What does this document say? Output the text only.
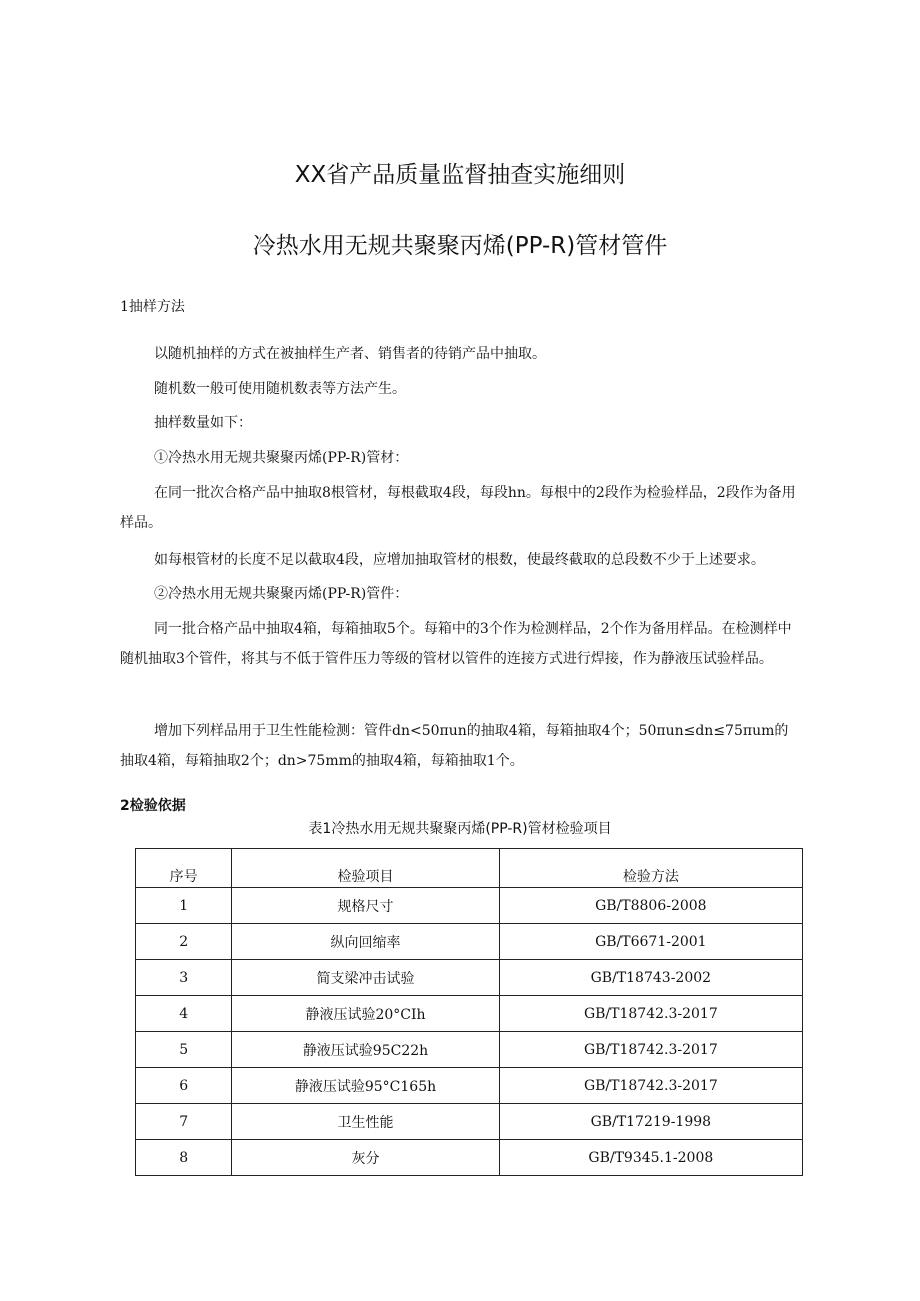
XX省产品质量监督抽查实施细则
冷热水用无规共聚聚丙烯(PP-R)管材管件

1抽样方法

以随机抽样的方式在被抽样生产者、销售者的待销产品中抽取。

随机数一般可使用随机数表等方法产生。

抽样数量如下：

①冷热水用无规共聚聚丙烯(PP-R)管材：

在同一批次合格产品中抽取8根管材，每根截取4段，每段hn。每根中的2段作为检验样品，2段作为备用样品。

如每根管材的长度不足以截取4段，应增加抽取管材的根数，使最终截取的总段数不少于上述要求。

②冷热水用无规共聚聚丙烯(PP-R)管件：

同一批合格产品中抽取4箱，每箱抽取5个。每箱中的3个作为检测样品，2个作为备用样品。在检测样中随机抽取3个管件，将其与不低于管件压力等级的管材以管件的连接方式进行焊接，作为静液压试验样品。

增加下列样品用于卫生性能检测：管件dn<50πun的抽取4箱，每箱抽取4个；50πun≤dn≤75πum的抽取4箱，每箱抽取2个；dn>75mm的抽取4箱，每箱抽取1个。

2检验依据

表1冷热水用无规共聚聚丙烯(PP-R)管材检验项目

序号	检验项目	检验方法
1	规格尺寸	GB/T8806-2008
2	纵向回缩率	GB/T6671-2001
3	简支梁冲击试验	GB/T18743-2002
4	静液压试验20°CIh	GB/T18742.3-2017
5	静液压试验95C22h	GB/T18742.3-2017
6	静液压试验95°C165h	GB/T18742.3-2017
7	卫生性能	GB/T17219-1998
8	灰分	GB/T9345.1-2008
